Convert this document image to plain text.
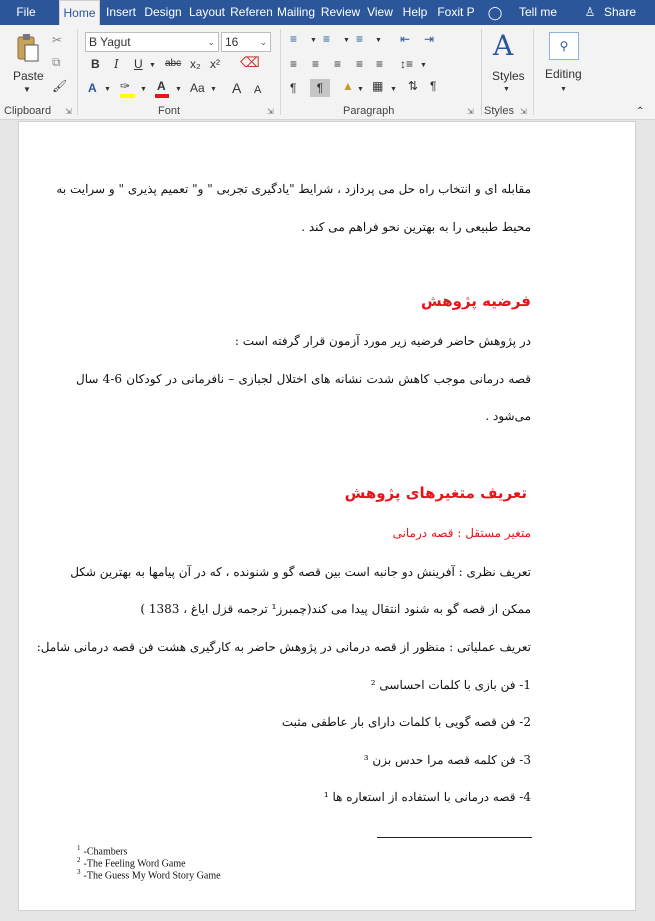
File	Home Insert Design Layout Referen Mailing Review View Help Foxit P ◯	Tell me	♙ Share
Paste
▼
✂
⧉
🖌
Clipboard ⇲
B Yagut	⌄ 16 ⌄
B I U ▼ abc x₂ x² ⌫
A ▼ ✑ ▼ A ▼ Aa ▼ A A
Font	⇲
≡ ▼ ≡ ▼ ≡ ▼ ⇤ ⇥
≡ ≡ ≡ ≡ ≡ ↕≡ ▼
¶	¶	▲ ▼ ▦ ▼ ⇅ ¶
Paragraph	⇲
A
Styles
▼
Styles ⇲
⚲
Editing
▼
⌃
مقابله ای و انتخاب راه حل می پردازد ، شرایط "یادگیری تجربی " و" تعمیم پذیری " و سرایت به
محیط طبیعی را به بهترین نحو فراهم می کند .
فرضیه پژوهش
در پژوهش حاضر فرضیه زیر مورد آزمون قرار گرفته است :
قصه درمانی موجب کاهش شدت نشانه های اختلال لجبازی – نافرمانی در کودکان 6-4 سال
می‌شود .
تعریف متغیرهای پژوهش
متغیر مستقل : قصه درمانی
تعریف نظری : آفرینش دو جانبه است بین قصه گو و شنونده ، که در آن پیامها به بهترین شکل
ممکن از قصه گو به شنود انتقال پیدا می کند(چمبرز¹ ترجمه قزل ایاغ ، 1383 )
تعریف عملیاتی : منظور از قصه درمانی در پژوهش حاضر به کارگیری هشت فن قصه درمانی شامل:
1- فن بازی با کلمات احساسی ²
2- فن قصه گویی با کلمات دارای بار عاطفی مثبت
3- فن کلمه قصه مرا حدس بزن ³
4- قصه درمانی با استفاده از استعاره ها ¹
$^1$ -Chambers
$^2$ -The Feeling Word Game
$^3$ -The Guess My Word Story Game
